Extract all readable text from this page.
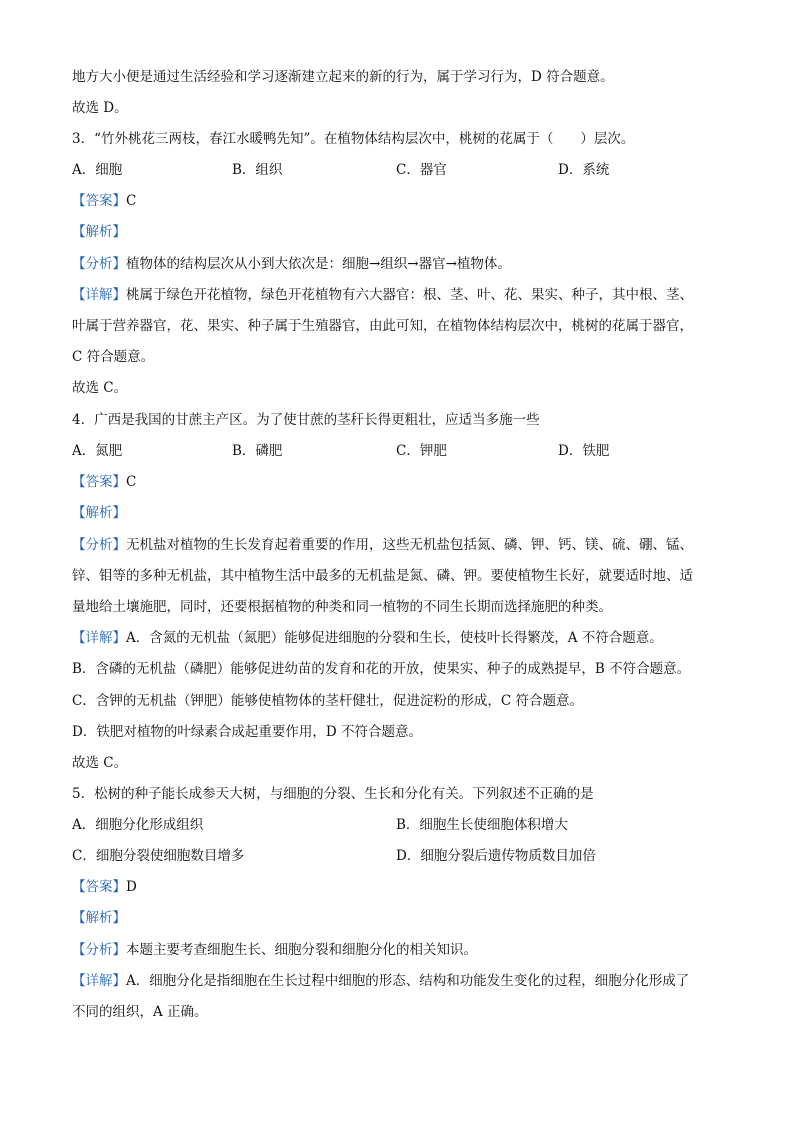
地方大小便是通过生活经验和学习逐渐建立起来的新的行为，属于学习行为，D 符合题意。
故选 D。
3．“竹外桃花三两枝，春江水暖鸭先知”。在植物体结构层次中，桃树的花属于（　　）层次。
A．细胞	B．组织	C．器官	D．系统
【答案】C
【解析】
【分析】植物体的结构层次从小到大依次是：细胞→组织→器官→植物体。
【详解】桃属于绿色开花植物，绿色开花植物有六大器官：根、茎、叶、花、果实、种子，其中根、茎、
叶属于营养器官，花、果实、种子属于生殖器官，由此可知，在植物体结构层次中，桃树的花属于器官，
C 符合题意。
故选 C。
4．广西是我国的甘蔗主产区。为了使甘蔗的茎秆长得更粗壮，应适当多施一些
A．氮肥	B．磷肥	C．钾肥	D．铁肥
【答案】C
【解析】
【分析】无机盐对植物的生长发育起着重要的作用，这些无机盐包括氮、磷、钾、钙、镁、硫、硼、锰、
锌、钼等的多种无机盐，其中植物生活中最多的无机盐是氮、磷、钾。要使植物生长好，就要适时地、适
量地给土壤施肥，同时，还要根据植物的种类和同一植物的不同生长期而选择施肥的种类。
【详解】A．含氮的无机盐（氮肥）能够促进细胞的分裂和生长，使枝叶长得繁茂，A 不符合题意。
B．含磷的无机盐（磷肥）能够促进幼苗的发育和花的开放，使果实、种子的成熟提早，B 不符合题意。
C．含钾的无机盐（钾肥）能够使植物体的茎杆健壮，促进淀粉的形成，C 符合题意。
D．铁肥对植物的叶绿素合成起重要作用，D 不符合题意。
故选 C。
5．松树的种子能长成参天大树，与细胞的分裂、生长和分化有关。下列叙述不正确的是
A．细胞分化形成组织	B．细胞生长使细胞体积增大
C．细胞分裂使细胞数目增多	D．细胞分裂后遗传物质数目加倍
【答案】D
【解析】
【分析】本题主要考查细胞生长、细胞分裂和细胞分化的相关知识。
【详解】A．细胞分化是指细胞在生长过程中细胞的形态、结构和功能发生变化的过程，细胞分化形成了
不同的组织，A 正确。
